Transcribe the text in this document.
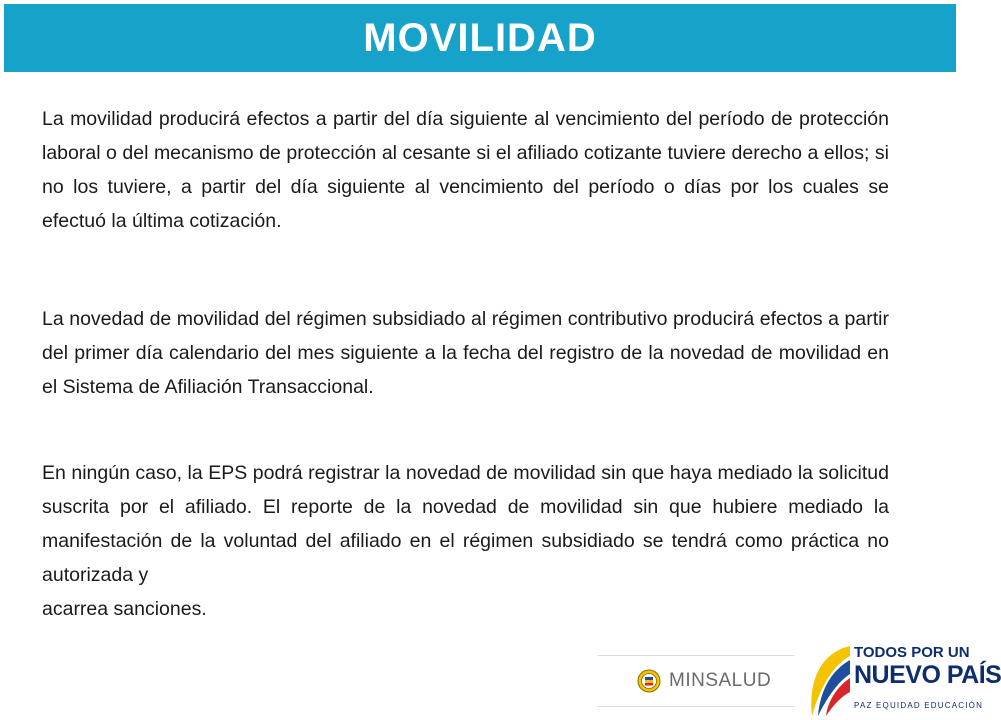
MOVILIDAD

La movilidad producirá efectos a partir del día siguiente al vencimiento del período de protección laboral o del mecanismo de protección al cesante si el afiliado cotizante tuviere derecho a ellos; si no los tuviere, a partir del día siguiente al vencimiento del período o días por los cuales se efectuó la última cotización.

La novedad de movilidad del régimen subsidiado al régimen contributivo producirá efectos a partir del primer día calendario del mes siguiente a la fecha del registro de la novedad de movilidad en el Sistema de Afiliación Transaccional.

En ningún caso, la EPS podrá registrar la novedad de movilidad sin que haya mediado la solicitud suscrita por el afiliado. El reporte de la novedad de movilidad sin que hubiere mediado la manifestación de la voluntad del afiliado en el régimen subsidiado se tendrá como práctica no autorizada y

acarrea sanciones.

MINSALUD
TODOS POR UN
NUEVO PAÍS
PAZ EQUIDAD EDUCACIÓN
